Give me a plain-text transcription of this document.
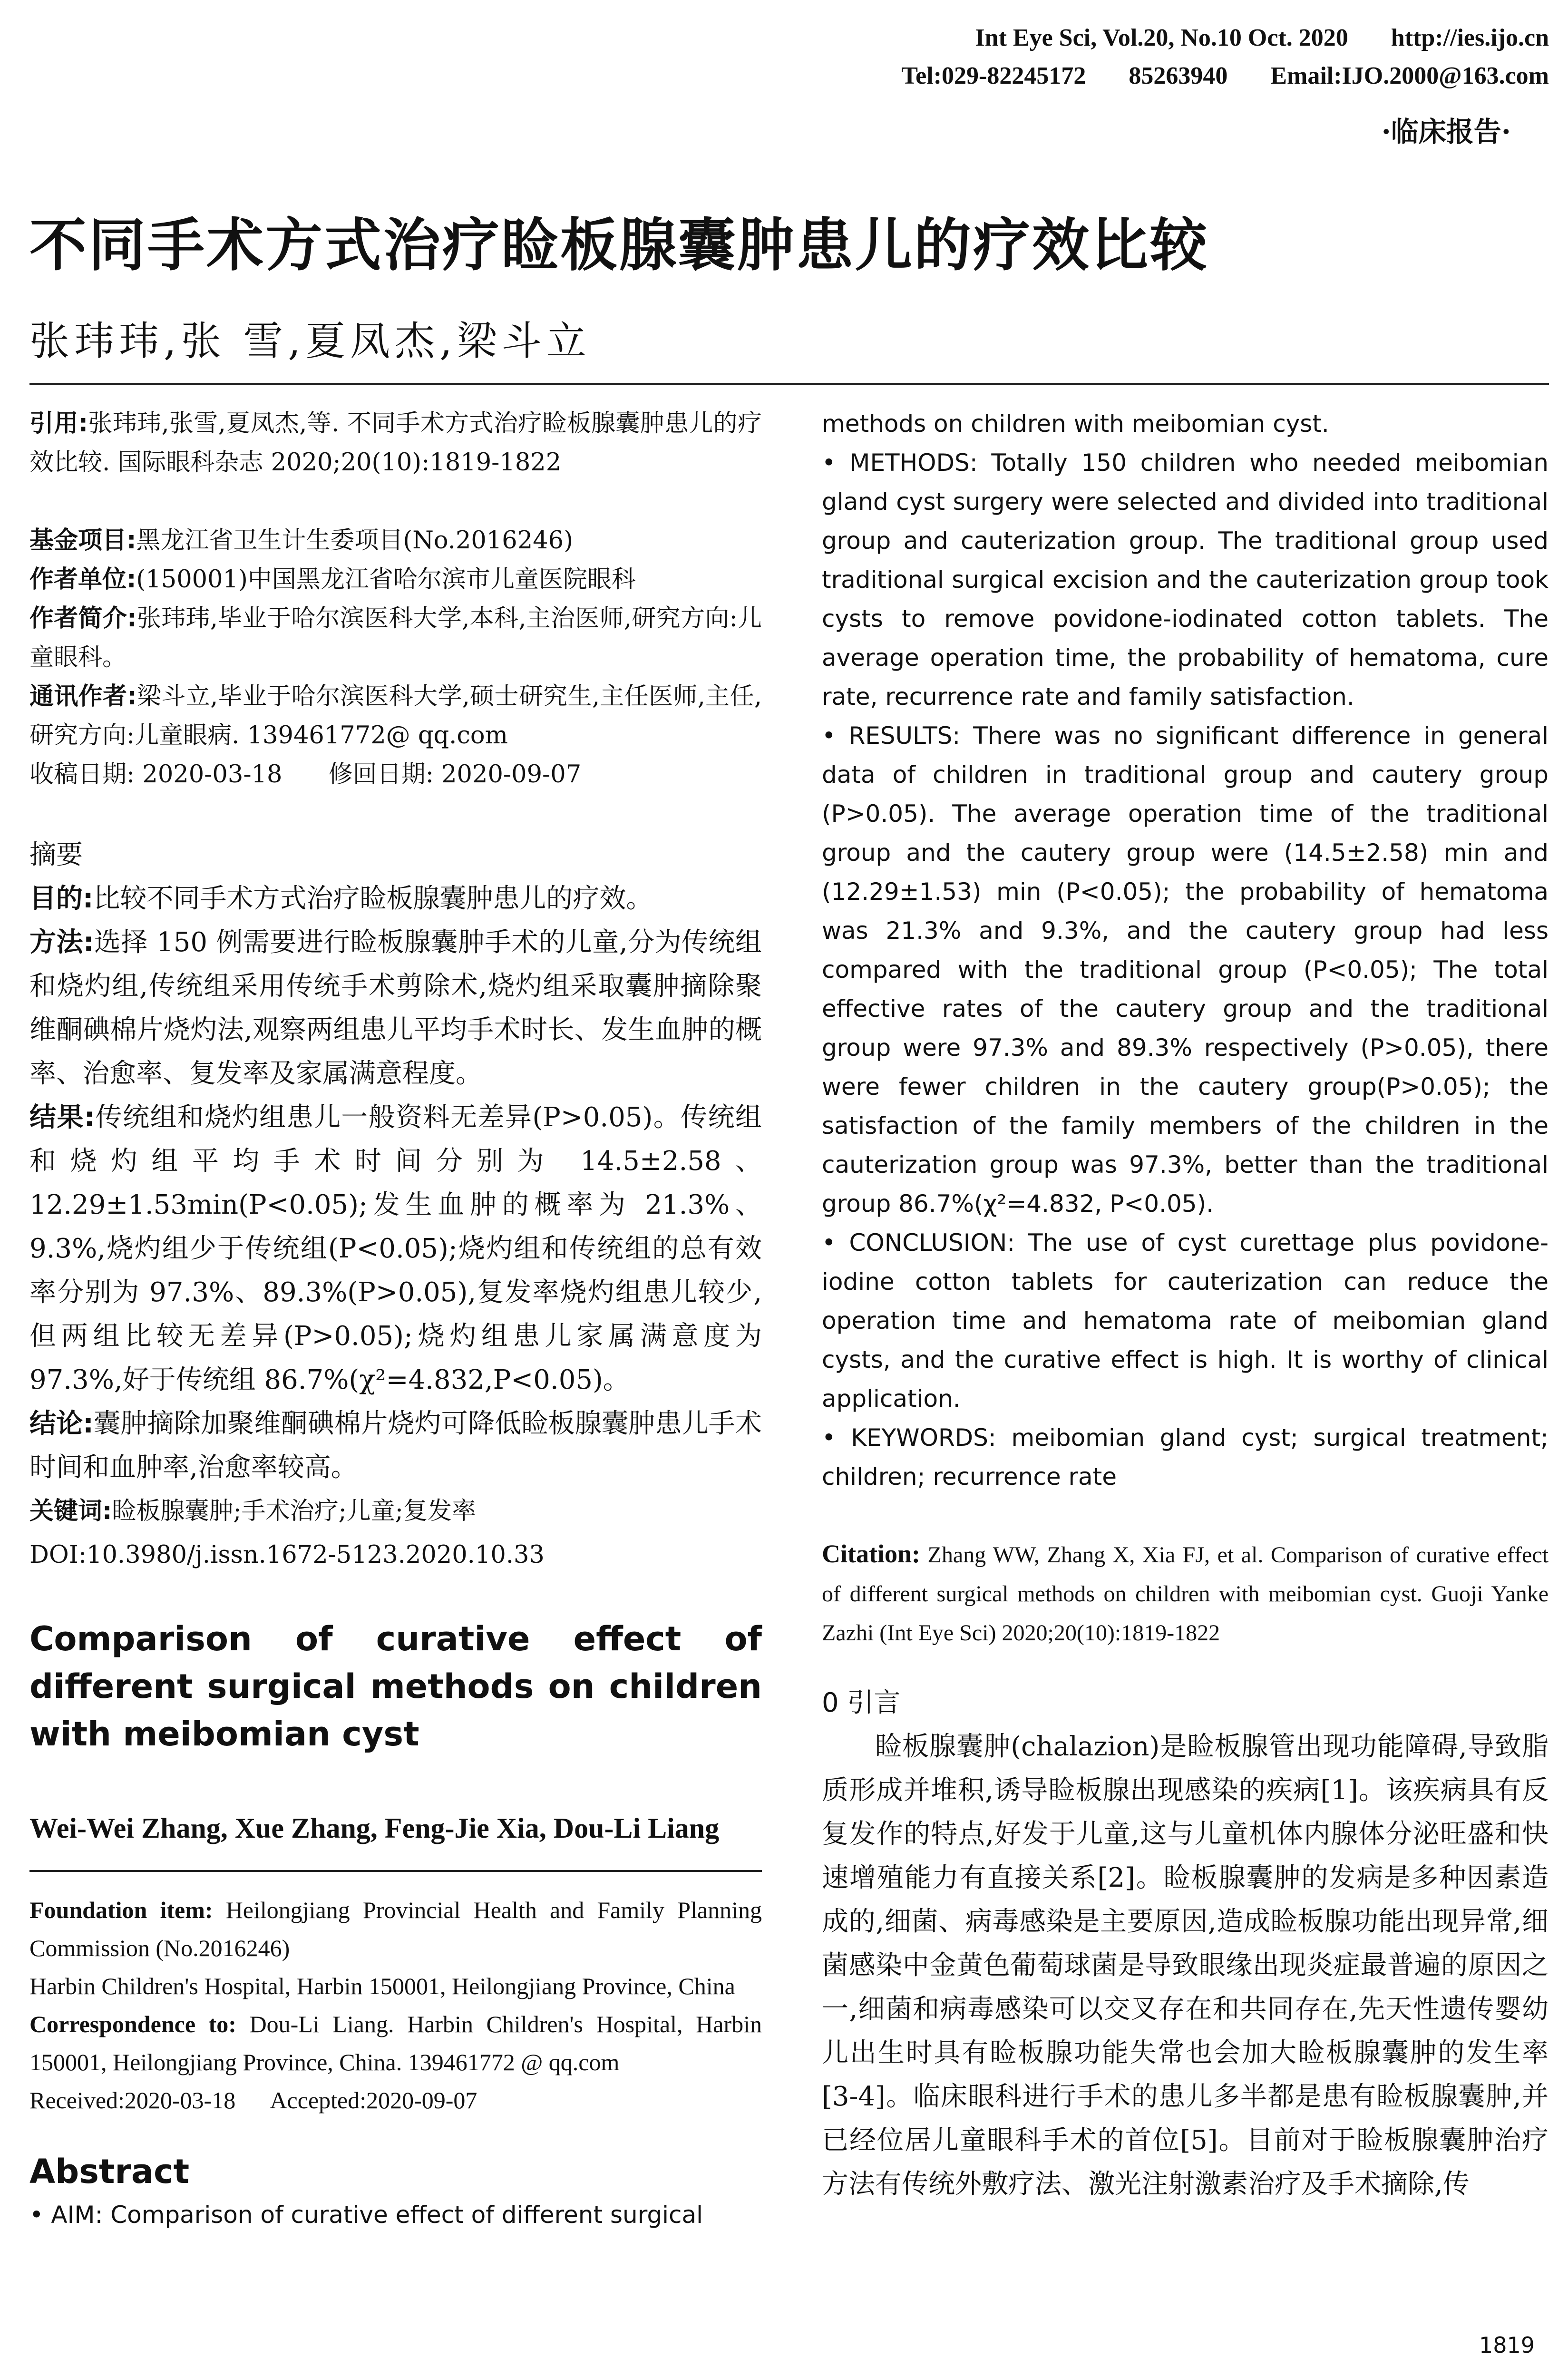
Int Eye Sci, Vol.20, No.10 Oct. 2020 http://ies.ijo.cn
Tel:029-82245172 85263940 Email:IJO.2000@163.com
·临床报告·
不同手术方式治疗睑板腺囊肿患儿的疗效比较
张玮玮,张 雪,夏凤杰,梁斗立

引用:张玮玮,张雪,夏凤杰,等. 不同手术方式治疗睑板腺囊肿患儿的疗效比较. 国际眼科杂志 2020;20(10):1819-1822

基金项目:黑龙江省卫生计生委项目(No.2016246)

作者单位:(150001)中国黑龙江省哈尔滨市儿童医院眼科

作者简介:张玮玮,毕业于哈尔滨医科大学,本科,主治医师,研究方向:儿童眼科。

通讯作者:梁斗立,毕业于哈尔滨医科大学,硕士研究生,主任医师,主任,研究方向:儿童眼病. 139461772@ qq.com

收稿日期: 2020-03-18      修回日期: 2020-09-07

摘要

目的:比较不同手术方式治疗睑板腺囊肿患儿的疗效。

方法:选择 150 例需要进行睑板腺囊肿手术的儿童,分为传统组和烧灼组,传统组采用传统手术剪除术,烧灼组采取囊肿摘除聚维酮碘棉片烧灼法,观察两组患儿平均手术时长、发生血肿的概率、治愈率、复发率及家属满意程度。

结果:传统组和烧灼组患儿一般资料无差异(P>0.05)。传统组和烧灼组平均手术时间分别为 14.5±2.58、12.29±1.53min(P<0.05);发生血肿的概率为 21.3%、9.3%,烧灼组少于传统组(P<0.05);烧灼组和传统组的总有效率分别为 97.3%、89.3%(P>0.05),复发率烧灼组患儿较少,但两组比较无差异(P>0.05);烧灼组患儿家属满意度为 97.3%,好于传统组 86.7%(χ²=4.832,P<0.05)。

结论:囊肿摘除加聚维酮碘棉片烧灼可降低睑板腺囊肿患儿手术时间和血肿率,治愈率较高。

关键词:睑板腺囊肿;手术治疗;儿童;复发率

DOI:10.3980/j.issn.1672-5123.2020.10.33

Comparison of curative effect of different surgical methods on children with meibomian cyst
Wei-Wei Zhang, Xue Zhang, Feng-Jie Xia, Dou-Li Liang

Foundation item: Heilongjiang Provincial Health and Family Planning Commission (No.2016246)

Harbin Children's Hospital, Harbin 150001, Heilongjiang Province, China

Correspondence to: Dou-Li Liang. Harbin Children's Hospital, Harbin 150001, Heilongjiang Province, China. 139461772 @ qq.com

Received:2020-03-18      Accepted:2020-09-07

Abstract

• AIM: Comparison of curative effect of different surgical

methods on children with meibomian cyst.

• METHODS: Totally 150 children who needed meibomian gland cyst surgery were selected and divided into traditional group and cauterization group. The traditional group used traditional surgical excision and the cauterization group took cysts to remove povidone-iodinated cotton tablets. The average operation time, the probability of hematoma, cure rate, recurrence rate and family satisfaction.

• RESULTS: There was no significant difference in general data of children in traditional group and cautery group (P>0.05). The average operation time of the traditional group and the cautery group were (14.5±2.58) min and (12.29±1.53) min (P<0.05); the probability of hematoma was 21.3% and 9.3%, and the cautery group had less compared with the traditional group (P<0.05); The total effective rates of the cautery group and the traditional group were 97.3% and 89.3% respectively (P>0.05), there were fewer children in the cautery group(P>0.05); the satisfaction of the family members of the children in the cauterization group was 97.3%, better than the traditional group 86.7%(χ²=4.832, P<0.05).

• CONCLUSION: The use of cyst curettage plus povidone-iodine cotton tablets for cauterization can reduce the operation time and hematoma rate of meibomian gland cysts, and the curative effect is high. It is worthy of clinical application.

• KEYWORDS: meibomian gland cyst; surgical treatment; children; recurrence rate

Citation: Zhang WW, Zhang X, Xia FJ, et al. Comparison of curative effect of different surgical methods on children with meibomian cyst. Guoji Yanke Zazhi (Int Eye Sci) 2020;20(10):1819-1822
0 引言

睑板腺囊肿(chalazion)是睑板腺管出现功能障碍,导致脂质形成并堆积,诱导睑板腺出现感染的疾病[1]。该疾病具有反复发作的特点,好发于儿童,这与儿童机体内腺体分泌旺盛和快速增殖能力有直接关系[2]。睑板腺囊肿的发病是多种因素造成的,细菌、病毒感染是主要原因,造成睑板腺功能出现异常,细菌感染中金黄色葡萄球菌是导致眼缘出现炎症最普遍的原因之一,细菌和病毒感染可以交叉存在和共同存在,先天性遗传婴幼儿出生时具有睑板腺功能失常也会加大睑板腺囊肿的发生率[3-4]。临床眼科进行手术的患儿多半都是患有睑板腺囊肿,并已经位居儿童眼科手术的首位[5]。目前对于睑板腺囊肿治疗方法有传统外敷疗法、激光注射激素治疗及手术摘除,传

1819
